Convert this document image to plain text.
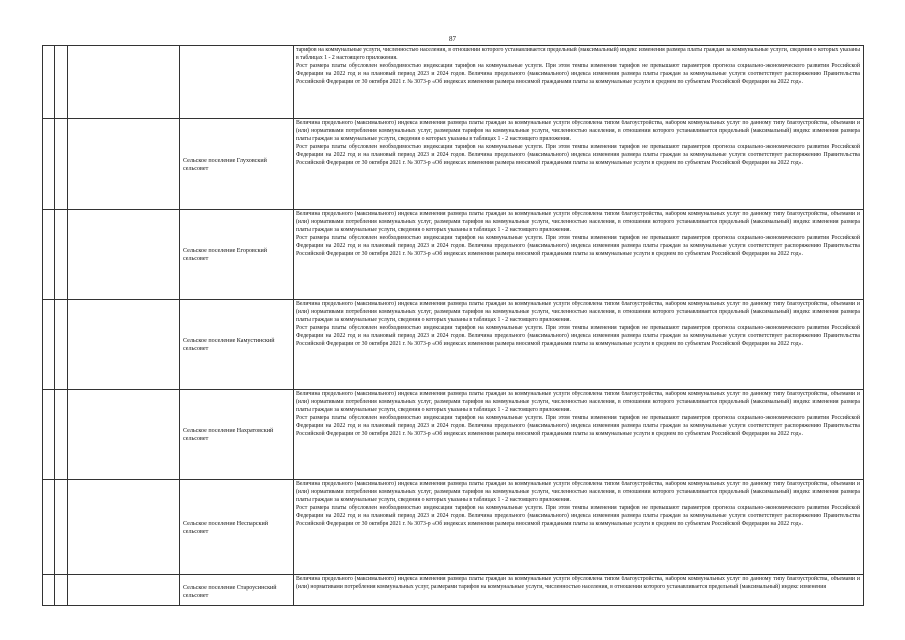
87

тарифов на коммунальные услуги, численностью населения, в отношении которого устанавливается предельный (максимальный) индекс изменения размера платы граждан за коммунальные услуги, сведения о которых указаны в таблицах 1 - 2 настоящего приложения.

Рост размера платы обусловлен необходимостью индексации тарифов на коммунальные услуги. При этом темпы изменения тарифов не превышают параметров прогноза социально-экономического развития Российской Федерации на 2022 год и на плановый период 2023 и 2024 годов. Величина предельного (максимального) индекса изменения размера платы граждан за коммунальные услуги соответствует распоряжению Правительства Российской Федерации от 30 октября 2021 г. № 3073-р «Об индексах изменения размера вносимой гражданами платы за коммунальные услуги в среднем по субъектам Российской Федерации на 2022 год».

Сельское поселение Глуховский сельсовет

Величина предельного (максимального) индекса изменения размера платы граждан за коммунальные услуги обусловлена типом благоустройства, набором коммунальных услуг по данному типу благоустройства, объемами и (или) нормативами потребления коммунальных услуг, размерами тарифов на коммунальные услуги, численностью населения, в отношении которого устанавливается предельный (максимальный) индекс изменения размера платы граждан за коммунальные услуги, сведения о которых указаны в таблицах 1 - 2 настоящего приложения.

Рост размера платы обусловлен необходимостью индексации тарифов на коммунальные услуги. При этом темпы изменения тарифов не превышают параметров прогноза социально-экономического развития Российской Федерации на 2022 год и на плановый период 2023 и 2024 годов. Величина предельного (максимального) индекса изменения размера платы граждан за коммунальные услуги соответствует распоряжению Правительства Российской Федерации от 30 октября 2021 г. № 3073-р «Об индексах изменения размера вносимой гражданами платы за коммунальные услуги в среднем по субъектам Российской Федерации на 2022 год».

Сельское поселение Егоровский сельсовет

Величина предельного (максимального) индекса изменения размера платы граждан за коммунальные услуги обусловлена типом благоустройства, набором коммунальных услуг по данному типу благоустройства, объемами и (или) нормативами потребления коммунальных услуг, размерами тарифов на коммунальные услуги, численностью населения, в отношении которого устанавливается предельный (максимальный) индекс изменения размера платы граждан за коммунальные услуги, сведения о которых указаны в таблицах 1 - 2 настоящего приложения.

Рост размера платы обусловлен необходимостью индексации тарифов на коммунальные услуги. При этом темпы изменения тарифов не превышают параметров прогноза социально-экономического развития Российской Федерации на 2022 год и на плановый период 2023 и 2024 годов. Величина предельного (максимального) индекса изменения размера платы граждан за коммунальные услуги соответствует распоряжению Правительства Российской Федерации от 30 октября 2021 г. № 3073-р «Об индексах изменения размера вносимой гражданами платы за коммунальные услуги в среднем по субъектам Российской Федерации на 2022 год».

Сельское поселение Камустинский сельсовет

Величина предельного (максимального) индекса изменения размера платы граждан за коммунальные услуги обусловлена типом благоустройства, набором коммунальных услуг по данному типу благоустройства, объемами и (или) нормативами потребления коммунальных услуг, размерами тарифов на коммунальные услуги, численностью населения, в отношении которого устанавливается предельный (максимальный) индекс изменения размера платы граждан за коммунальные услуги, сведения о которых указаны в таблицах 1 - 2 настоящего приложения.

Рост размера платы обусловлен необходимостью индексации тарифов на коммунальные услуги. При этом темпы изменения тарифов не превышают параметров прогноза социально-экономического развития Российской Федерации на 2022 год и на плановый период 2023 и 2024 годов. Величина предельного (максимального) индекса изменения размера платы граждан за коммунальные услуги соответствует распоряжению Правительства Российской Федерации от 30 октября 2021 г. № 3073-р «Об индексах изменения размера вносимой гражданами платы за коммунальные услуги в среднем по субъектам Российской Федерации на 2022 год».

Сельское поселение Нахратовский сельсовет

Величина предельного (максимального) индекса изменения размера платы граждан за коммунальные услуги обусловлена типом благоустройства, набором коммунальных услуг по данному типу благоустройства, объемами и (или) нормативами потребления коммунальных услуг, размерами тарифов на коммунальные услуги, численностью населения, в отношении которого устанавливается предельный (максимальный) индекс изменения размера платы граждан за коммунальные услуги, сведения о которых указаны в таблицах 1 - 2 настоящего приложения.

Рост размера платы обусловлен необходимостью индексации тарифов на коммунальные услуги. При этом темпы изменения тарифов не превышают параметров прогноза социально-экономического развития Российской Федерации на 2022 год и на плановый период 2023 и 2024 годов. Величина предельного (максимального) индекса изменения размера платы граждан за коммунальные услуги соответствует распоряжению Правительства Российской Федерации от 30 октября 2021 г. № 3073-р «Об индексах изменения размера вносимой гражданами платы за коммунальные услуги в среднем по субъектам Российской Федерации на 2022 год».

Сельское поселение Неспарский сельсовет

Величина предельного (максимального) индекса изменения размера платы граждан за коммунальные услуги обусловлена типом благоустройства, набором коммунальных услуг по данному типу благоустройства, объемами и (или) нормативами потребления коммунальных услуг, размерами тарифов на коммунальные услуги, численностью населения, в отношении которого устанавливается предельный (максимальный) индекс изменения размера платы граждан за коммунальные услуги, сведения о которых указаны в таблицах 1 - 2 настоящего приложения.

Рост размера платы обусловлен необходимостью индексации тарифов на коммунальные услуги. При этом темпы изменения тарифов не превышают параметров прогноза социально-экономического развития Российской Федерации на 2022 год и на плановый период 2023 и 2024 годов. Величина предельного (максимального) индекса изменения размера платы граждан за коммунальные услуги соответствует распоряжению Правительства Российской Федерации от 30 октября 2021 г. № 3073-р «Об индексах изменения размера вносимой гражданами платы за коммунальные услуги в среднем по субъектам Российской Федерации на 2022 год».

Сельское поселение Староусинский сельсовет

Величина предельного (максимального) индекса изменения размера платы граждан за коммунальные услуги обусловлена типом благоустройства, набором коммунальных услуг по данному типу благоустройства, объемами и (или) нормативами потребления коммунальных услуг, размерами тарифов на коммунальные услуги, численностью населения, в отношении которого устанавливается предельный (максимальный) индекс изменения
